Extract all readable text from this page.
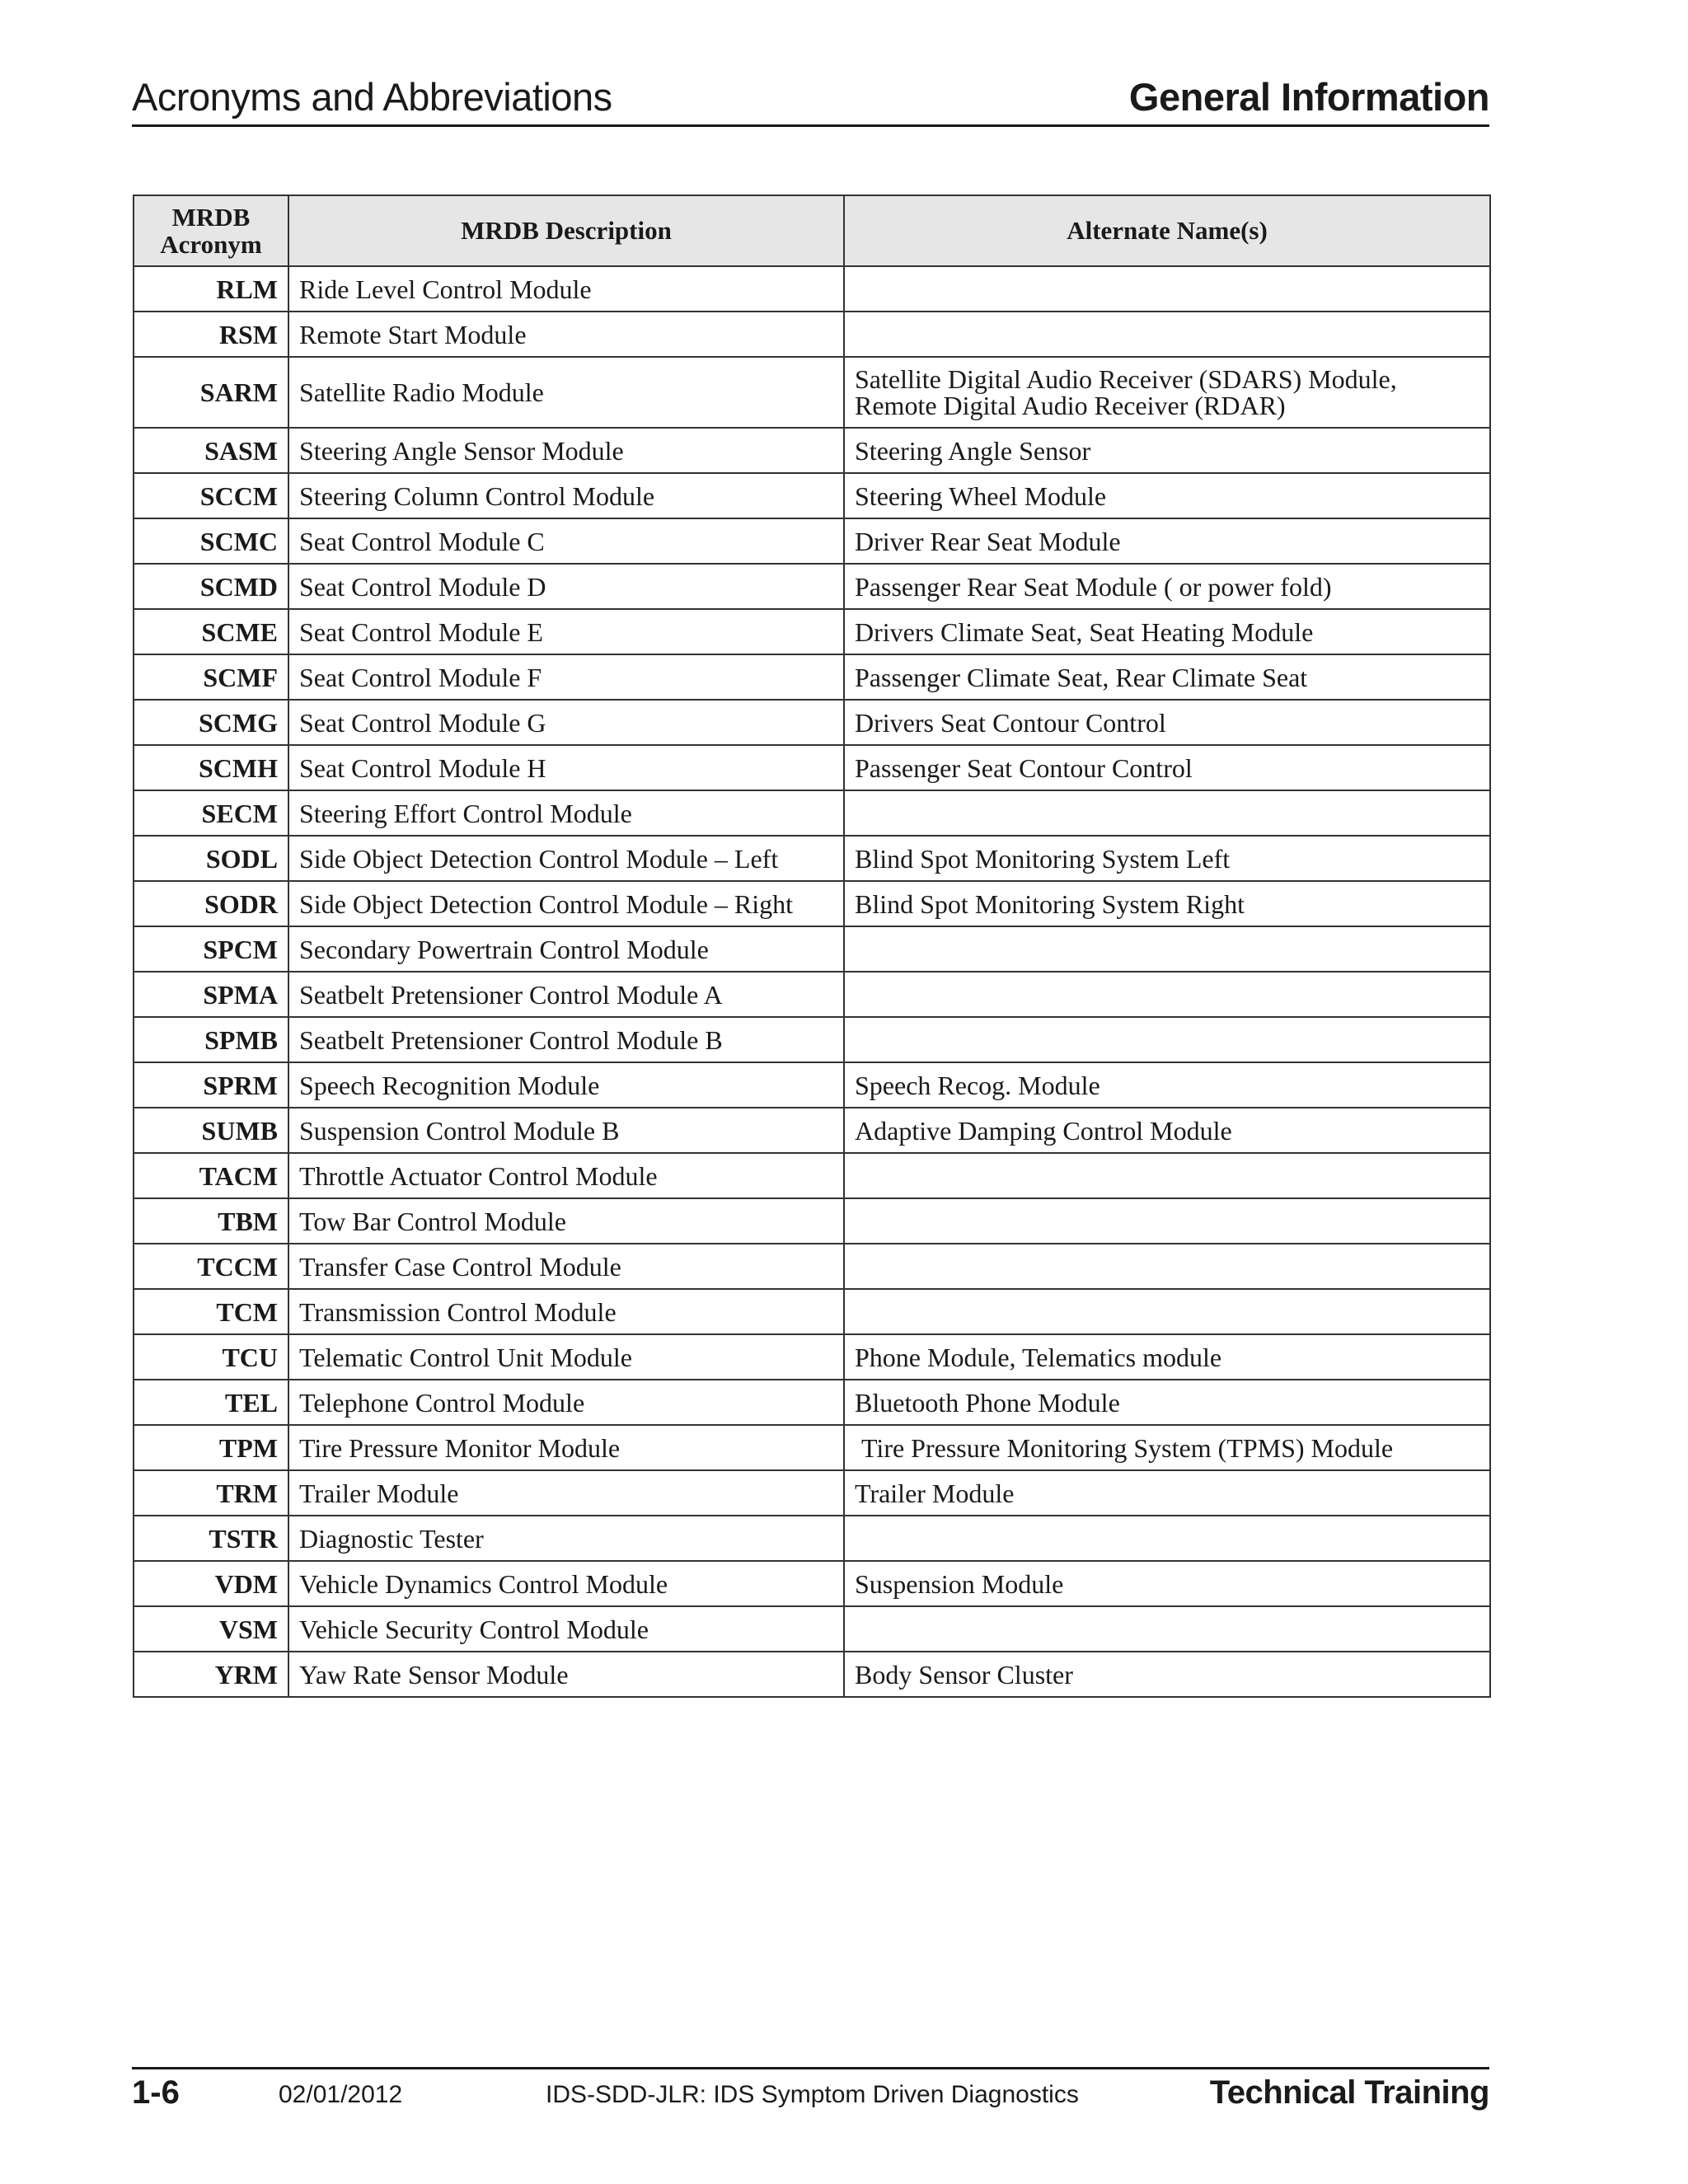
Acronyms and Abbreviations	General Information
MRDB
Acronym	MRDB Description	Alternate Name(s)
RLM	Ride Level Control Module	
RSM	Remote Start Module	
SARM	Satellite Radio Module	Satellite Digital Audio Receiver (SDARS) Module,
Remote Digital Audio Receiver (RDAR)
SASM	Steering Angle Sensor Module	Steering Angle Sensor
SCCM	Steering Column Control Module	Steering Wheel Module
SCMC	Seat Control Module C	Driver Rear Seat Module
SCMD	Seat Control Module D	Passenger Rear Seat Module ( or power fold)
SCME	Seat Control Module E	Drivers Climate Seat, Seat Heating Module
SCMF	Seat Control Module F	Passenger Climate Seat, Rear Climate Seat
SCMG	Seat Control Module G	Drivers Seat Contour Control
SCMH	Seat Control Module H	Passenger Seat Contour Control
SECM	Steering Effort Control Module	
SODL	Side Object Detection Control Module – Left	Blind Spot Monitoring System Left
SODR	Side Object Detection Control Module – Right	Blind Spot Monitoring System Right
SPCM	Secondary Powertrain Control Module	
SPMA	Seatbelt Pretensioner Control Module A	
SPMB	Seatbelt Pretensioner Control Module B	
SPRM	Speech Recognition Module	Speech Recog. Module
SUMB	Suspension Control Module B	Adaptive Damping Control Module
TACM	Throttle Actuator Control Module	
TBM	Tow Bar Control Module	
TCCM	Transfer Case Control Module	
TCM	Transmission Control Module	
TCU	Telematic Control Unit Module	Phone Module, Telematics module
TEL	Telephone Control Module	Bluetooth Phone Module
TPM	Tire Pressure Monitor Module	Tire Pressure Monitoring System (TPMS) Module
TRM	Trailer Module	Trailer Module
TSTR	Diagnostic Tester	
VDM	Vehicle Dynamics Control Module	Suspension Module
VSM	Vehicle Security Control Module	
YRM	Yaw Rate Sensor Module	Body Sensor Cluster
1-6	02/01/2012	IDS-SDD-JLR: IDS Symptom Driven Diagnostics	Technical Training
